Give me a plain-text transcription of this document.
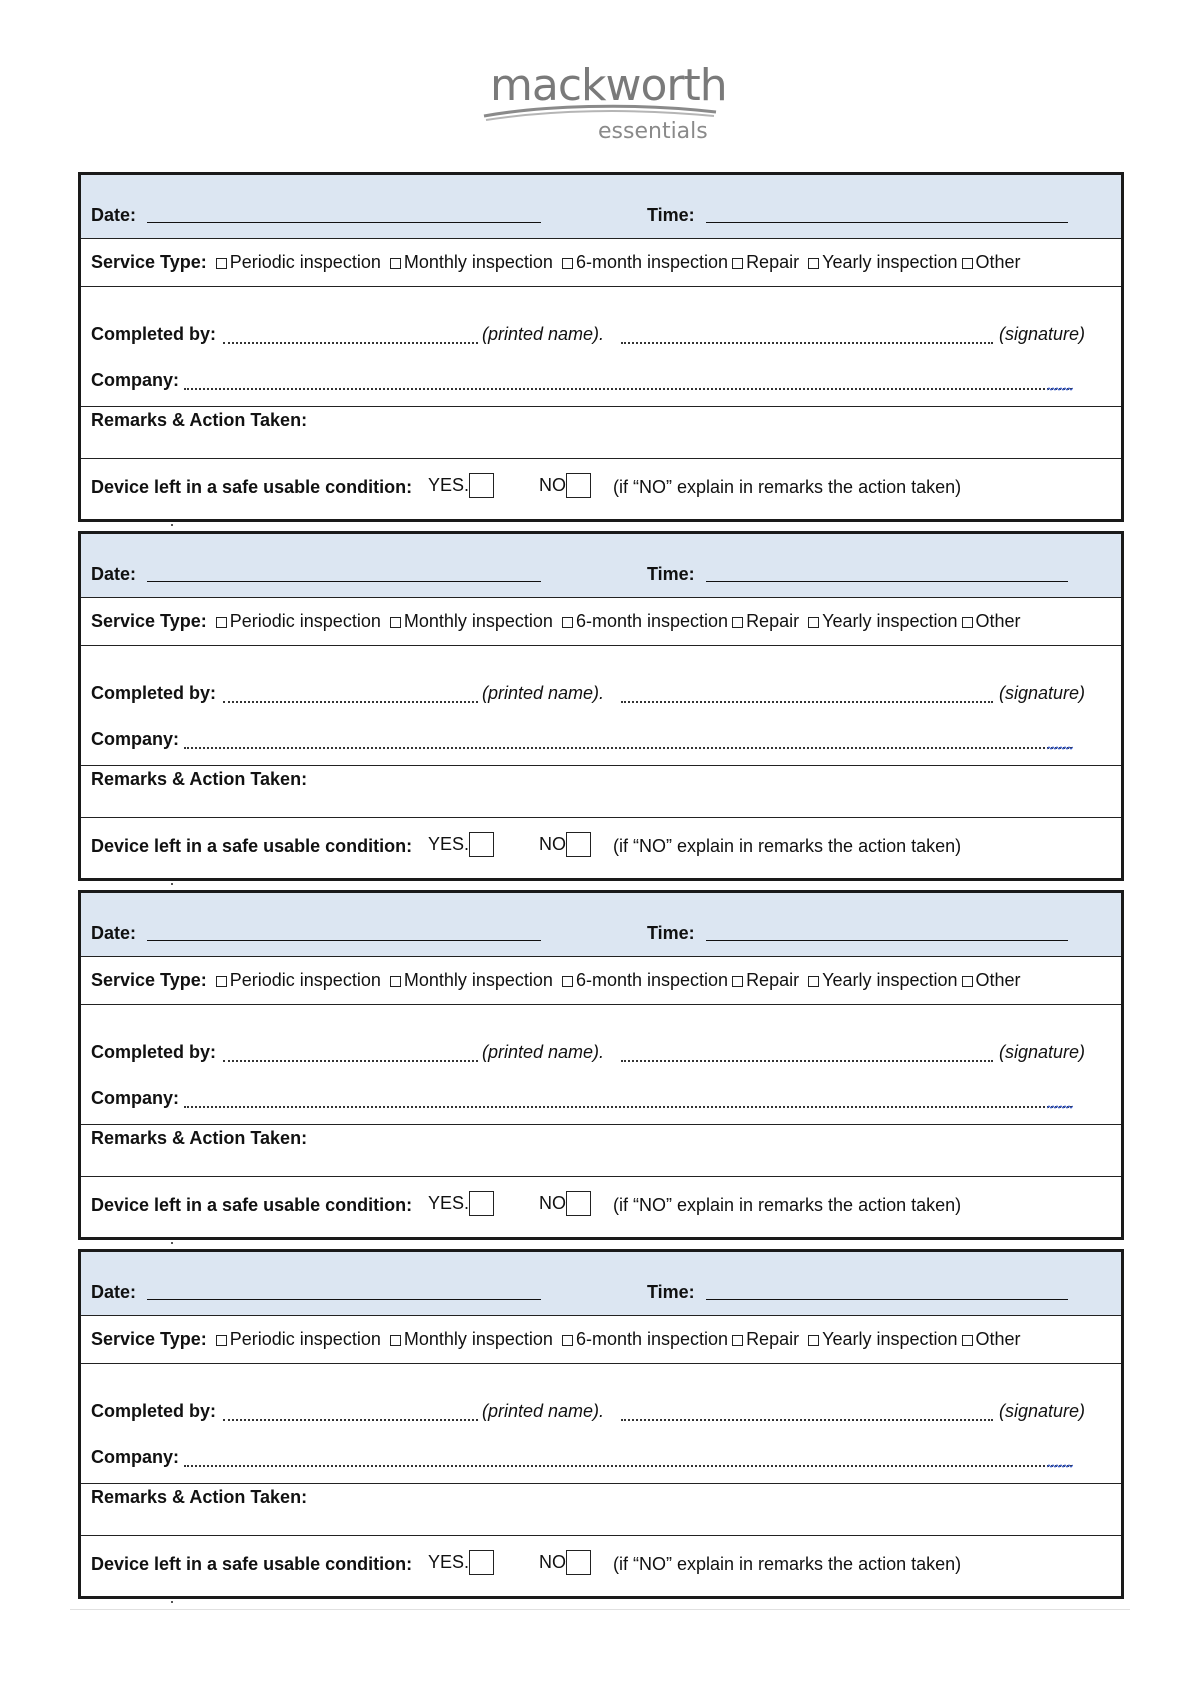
mackworth
essentials
Date:	Time:
Service Type: Periodic inspection Monthly inspection 6-month inspection Repair Yearly inspection Other
Completed by:	(printed name).	(signature)
Company:
Remarks & Action Taken:
Device left in a safe usable condition: YES.	NO	(if “NO” explain in remarks the action taken)
Date:	Time:
Service Type: Periodic inspection Monthly inspection 6-month inspection Repair Yearly inspection Other
Completed by:	(printed name).	(signature)
Company:
Remarks & Action Taken:
Device left in a safe usable condition: YES.	NO	(if “NO” explain in remarks the action taken)
Date:	Time:
Service Type: Periodic inspection Monthly inspection 6-month inspection Repair Yearly inspection Other
Completed by:	(printed name).	(signature)
Company:
Remarks & Action Taken:
Device left in a safe usable condition: YES.	NO	(if “NO” explain in remarks the action taken)
Date:	Time:
Service Type: Periodic inspection Monthly inspection 6-month inspection Repair Yearly inspection Other
Completed by:	(printed name).	(signature)
Company:
Remarks & Action Taken:
Device left in a safe usable condition: YES.	NO	(if “NO” explain in remarks the action taken)
